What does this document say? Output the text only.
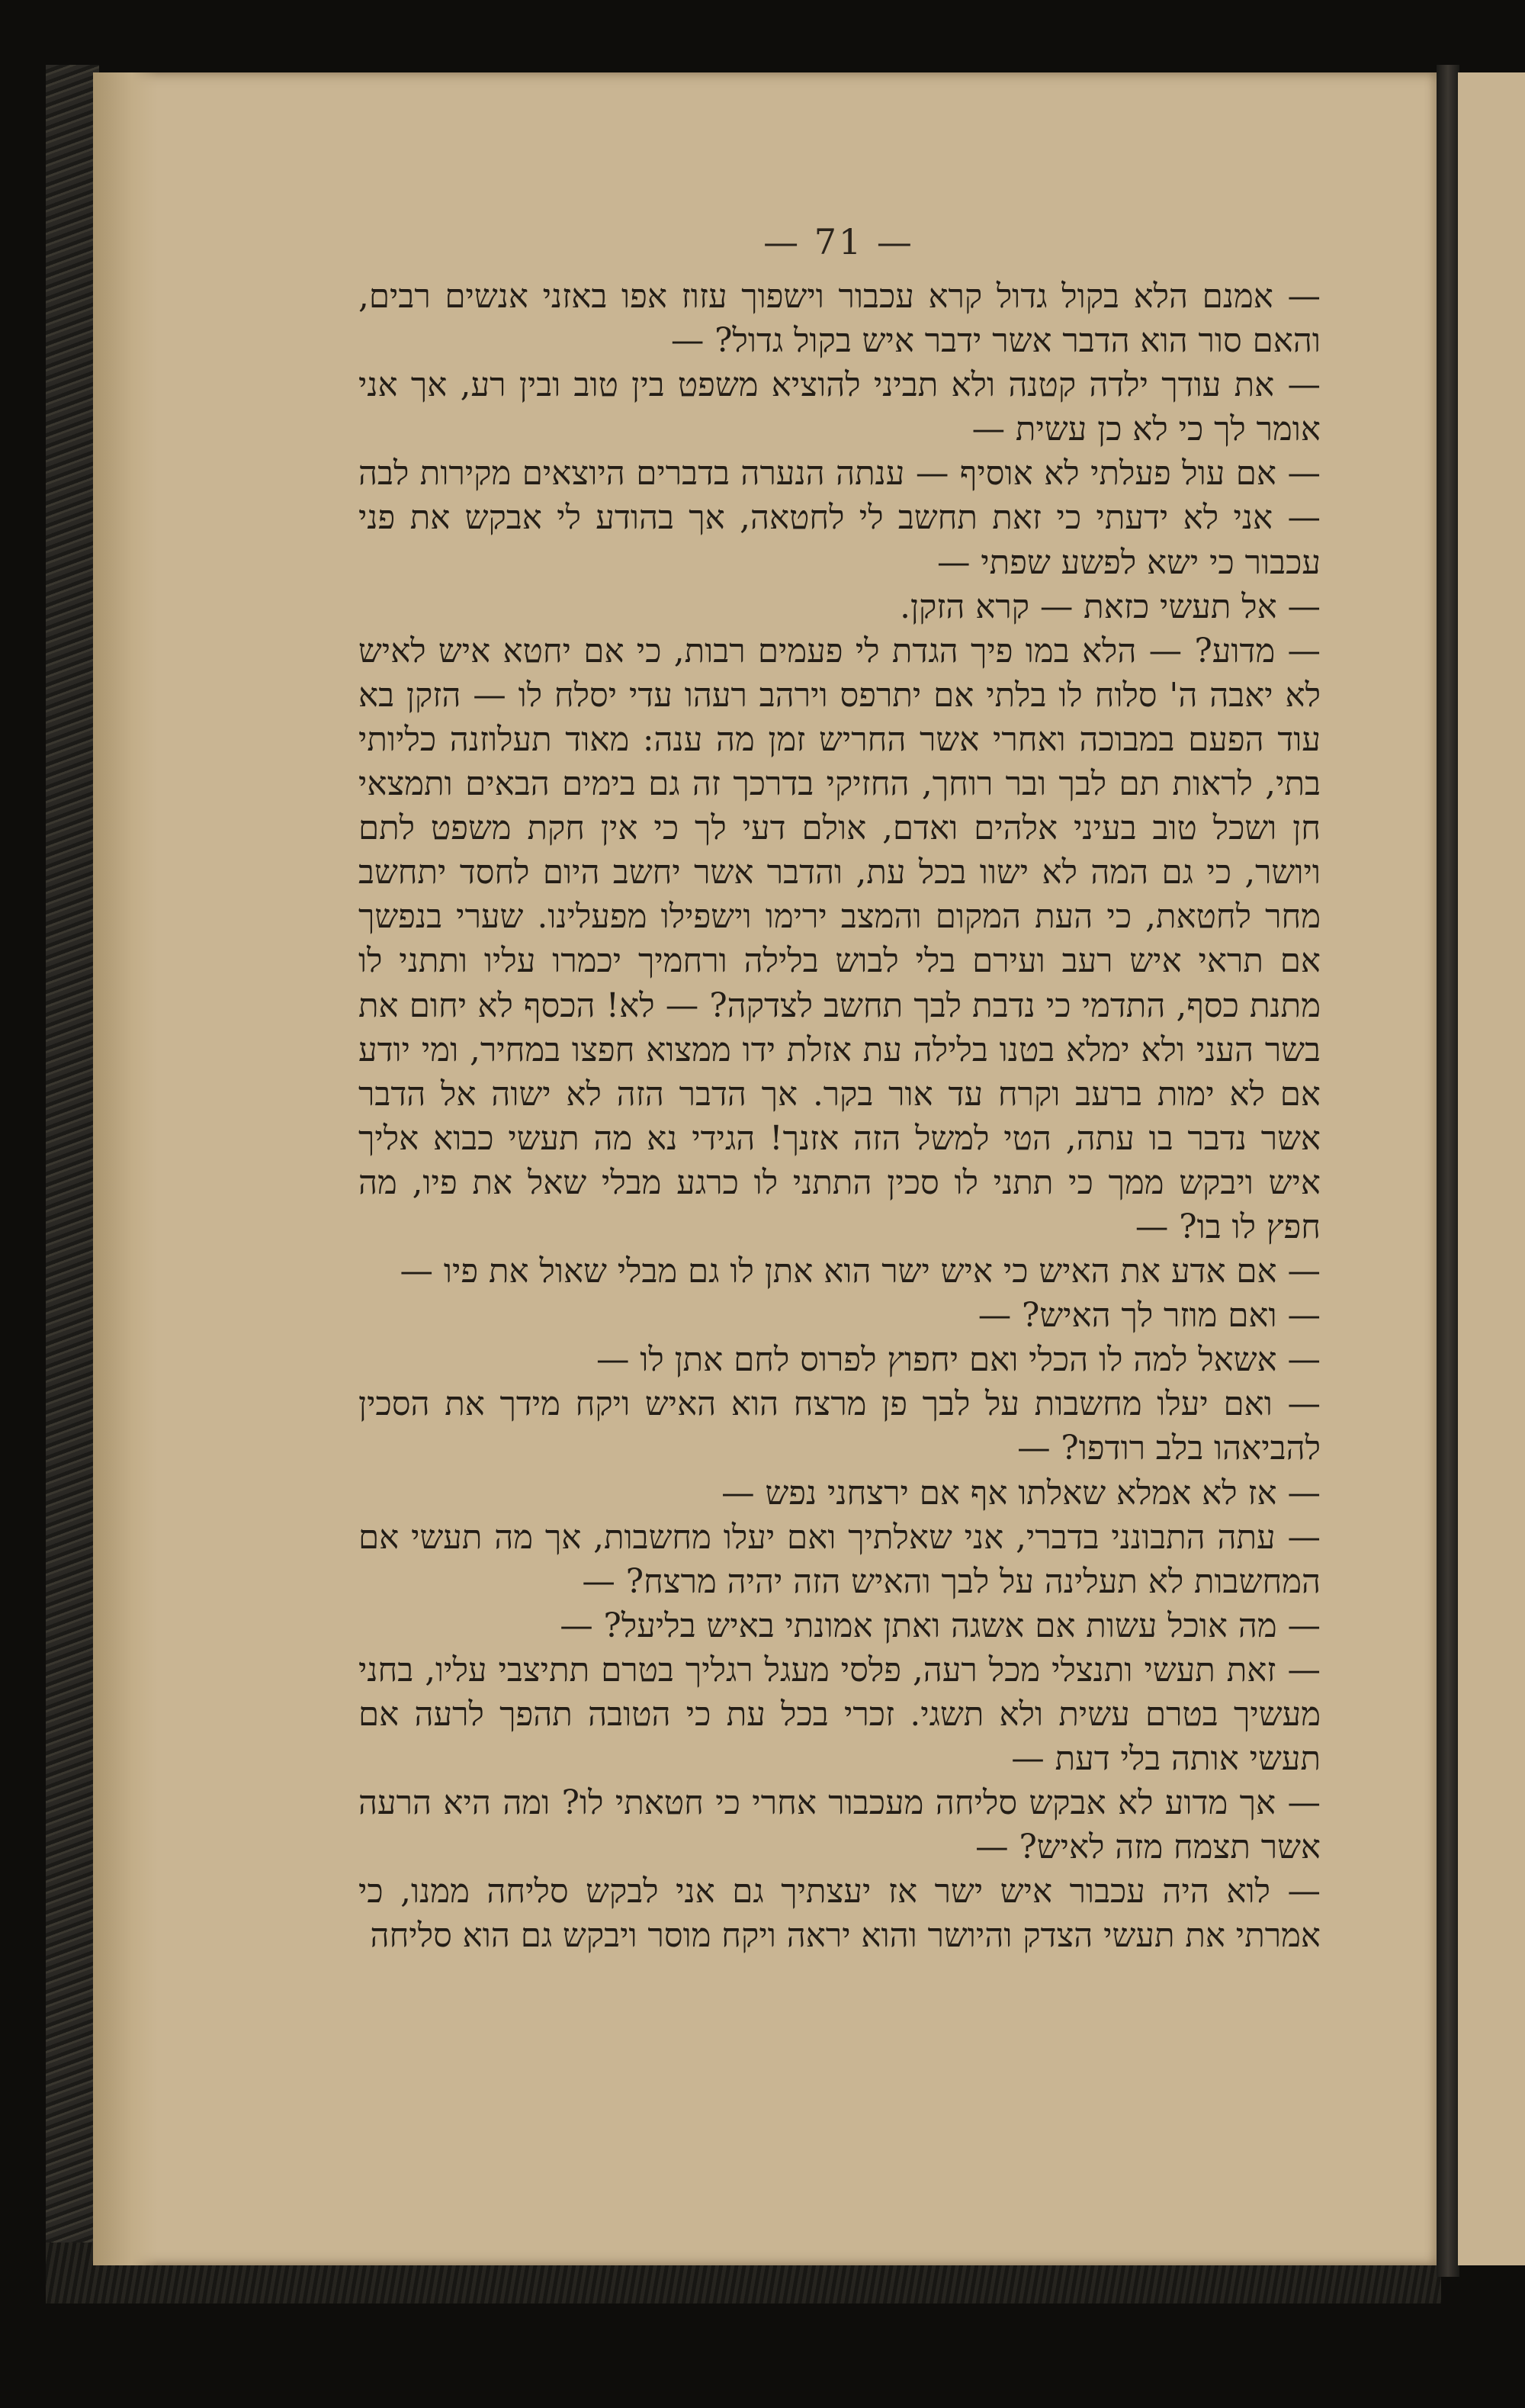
— 71 —

— אמנם הלא בקול גדול קרא עכבור וישפוך עזוז אפו באזני אנשים רבים, והאם סור הוא הדבר אשר ידבר איש בקול גדול? —

— את עודך ילדה קטנה ולא תביני להוציא משפט בין טוב ובין רע, אך אני אומר לך כי לא כן עשית —

— אם עול פעלתי לא אוסיף — ענתה הנערה בדברים היוצאים מקירות לבה — אני לא ידעתי כי זאת תחשב לי לחטאה, אך בהודע לי אבקש את פני עכבור כי ישא לפשע שפתי —

— אל תעשי כזאת — קרא הזקן.

— מדוע? — הלא במו פיך הגדת לי פעמים רבות, כי אם יחטא איש לאיש לא יאבה ה' סלוח לו בלתי אם יתרפס וירהב רעהו עדי יסלח לו — הזקן בא עוד הפעם במבוכה ואחרי אשר החריש זמן מה ענה: מאוד תעלוזנה כליותי בתי, לראות תם לבך ובר רוחך, החזיקי בדרכך זה גם בימים הבאים ותמצאי חן ושכל טוב בעיני אלהים ואדם, אולם דעי לך כי אין חקת משפט לתם ויושר, כי גם המה לא ישוו בכל עת, והדבר אשר יחשב היום לחסד יתחשב מחר לחטאת, כי העת המקום והמצב ירימו וישפילו מפעלינו. שערי בנפשך אם תראי איש רעב ועירם בלי לבוש בלילה ורחמיך יכמרו עליו ותתני לו מתנת כסף, התדמי כי נדבת לבך תחשב לצדקה? — לא! הכסף לא יחום את בשר העני ולא ימלא בטנו בלילה עת אזלת ידו ממצוא חפצו במחיר, ומי יודע אם לא ימות ברעב וקרח עד אור בקר. אך הדבר הזה לא ישוה אל הדבר אשר נדבר בו עתה, הטי למשל הזה אזנך! הגידי נא מה תעשי כבוא אליך איש ויבקש ממך כי תתני לו סכין התתני לו כרגע מבלי שאל את פיו, מה חפץ לו בו? —

— אם אדע את האיש כי איש ישר הוא אתן לו גם מבלי שאול את פיו —

— ואם מוזר לך האיש? —

— אשאל למה לו הכלי ואם יחפוץ לפרוס לחם אתן לו —

— ואם יעלו מחשבות על לבך פן מרצח הוא האיש ויקח מידך את הסכין להביאהו בלב רודפו? —

— אז לא אמלא שאלתו אף אם ירצחני נפש —

— עתה התבונני בדברי, אני שאלתיך ואם יעלו מחשבות, אך מה תעשי אם המחשבות לא תעלינה על לבך והאיש הזה יהיה מרצח? —

— מה אוכל עשות אם אשגה ואתן אמונתי באיש בליעל? —

— זאת תעשי ותנצלי מכל רעה, פלסי מעגל רגליך בטרם תתיצבי עליו, בחני מעשיך בטרם עשית ולא תשגי. זכרי בכל עת כי הטובה תהפך לרעה אם תעשי אותה בלי דעת —

— אך מדוע לא אבקש סליחה מעכבור אחרי כי חטאתי לו? ומה היא הרעה אשר תצמח מזה לאיש? —

— לוא היה עכבור איש ישר אז יעצתיך גם אני לבקש סליחה ממנו, כי אמרתי את תעשי הצדק והיושר והוא יראה ויקח מוסר ויבקש גם הוא סליחה
